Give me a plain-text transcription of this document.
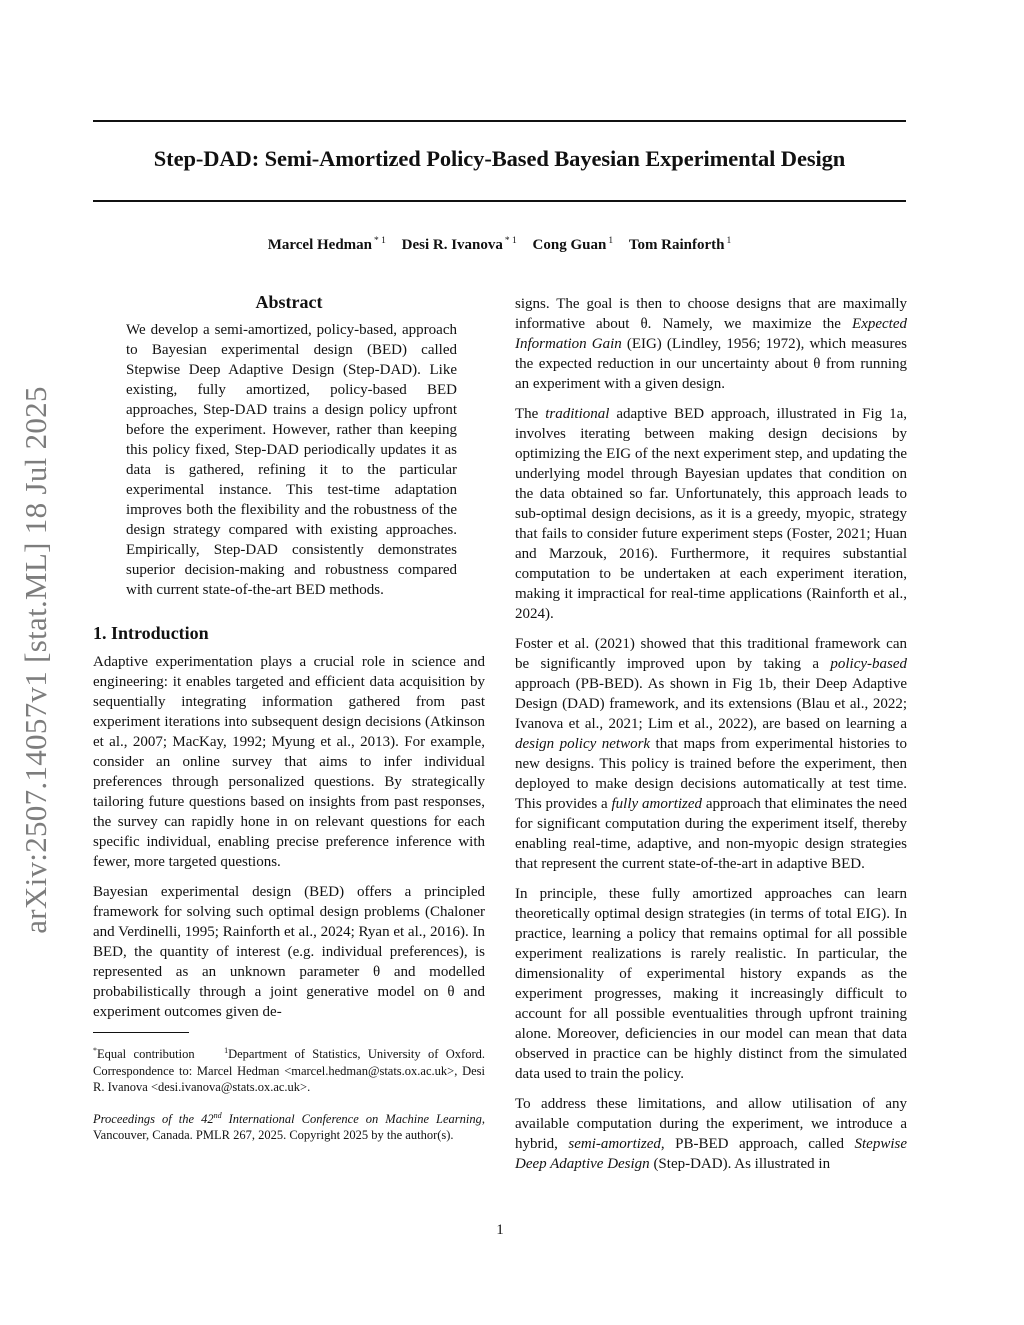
arXiv:2507.14057v1 [stat.ML] 18 Jul 2025
Step-DAD: Semi-Amortized Policy-Based Bayesian Experimental Design
Marcel Hedman $^{* 1}$ Desi R. Ivanova $^{* 1}$ Cong Guan $^1$ Tom Rainforth $^1$
Abstract

We develop a semi-amortized, policy-based, approach to Bayesian experimental design (BED) called Stepwise Deep Adaptive Design (Step-DAD). Like existing, fully amortized, policy-based BED approaches, Step-DAD trains a design policy upfront before the experiment. However, rather than keeping this policy fixed, Step-DAD periodically updates it as data is gathered, refining it to the particular experimental instance. This test-time adaptation improves both the flexibility and the robustness of the design strategy compared with existing approaches. Empirically, Step-DAD consistently demonstrates superior decision-making and robustness compared with current state-of-the-art BED methods.

1. Introduction

Adaptive experimentation plays a crucial role in science and engineering: it enables targeted and efficient data acquisition by sequentially integrating information gathered from past experiment iterations into subsequent design decisions (Atkinson et al., 2007; MacKay, 1992; Myung et al., 2013). For example, consider an online survey that aims to infer individual preferences through personalized questions. By strategically tailoring future questions based on insights from past responses, the survey can rapidly hone in on relevant questions for each specific individual, enabling precise preference inference with fewer, more targeted questions.

Bayesian experimental design (BED) offers a principled framework for solving such optimal design problems (Chaloner and Verdinelli, 1995; Rainforth et al., 2024; Ryan et al., 2016). In BED, the quantity of interest (e.g. individual preferences), is represented as an unknown parameter θ and modelled probabilistically through a joint generative model on θ and experiment outcomes given de-

*Equal contribution	$^1$Department of Statistics, University of Oxford. Correspondence to: Marcel Hedman <marcel.hedman@stats.ox.ac.uk>, Desi R. Ivanova <desi.ivanova@stats.ox.ac.uk>.

Proceedings of the 42nd International Conference on Machine Learning, Vancouver, Canada. PMLR 267, 2025. Copyright 2025 by the author(s).

signs. The goal is then to choose designs that are maximally informative about θ. Namely, we maximize the Expected Information Gain (EIG) (Lindley, 1956; 1972), which measures the expected reduction in our uncertainty about θ from running an experiment with a given design.

The traditional adaptive BED approach, illustrated in Fig 1a, involves iterating between making design decisions by optimizing the EIG of the next experiment step, and updating the underlying model through Bayesian updates that condition on the data obtained so far. Unfortunately, this approach leads to sub-optimal design decisions, as it is a greedy, myopic, strategy that fails to consider future experiment steps (Foster, 2021; Huan and Marzouk, 2016). Furthermore, it requires substantial computation to be undertaken at each experiment iteration, making it impractical for real-time applications (Rainforth et al., 2024).

Foster et al. (2021) showed that this traditional framework can be significantly improved upon by taking a policy-based approach (PB-BED). As shown in Fig 1b, their Deep Adaptive Design (DAD) framework, and its extensions (Blau et al., 2022; Ivanova et al., 2021; Lim et al., 2022), are based on learning a design policy network that maps from experimental histories to new designs. This policy is trained before the experiment, then deployed to make design decisions automatically at test time. This provides a fully amortized approach that eliminates the need for significant computation during the experiment itself, thereby enabling real-time, adaptive, and non-myopic design strategies that represent the current state-of-the-art in adaptive BED.

In principle, these fully amortized approaches can learn theoretically optimal design strategies (in terms of total EIG). In practice, learning a policy that remains optimal for all possible experiment realizations is rarely realistic. In particular, the dimensionality of experimental history expands as the experiment progresses, making it increasingly difficult to account for all possible eventualities through upfront training alone. Moreover, deficiencies in our model can mean that data observed in practice can be highly distinct from the simulated data used to train the policy.

To address these limitations, and allow utilisation of any available computation during the experiment, we introduce a hybrid, semi-amortized, PB-BED approach, called Stepwise Deep Adaptive Design (Step-DAD). As illustrated in

1
